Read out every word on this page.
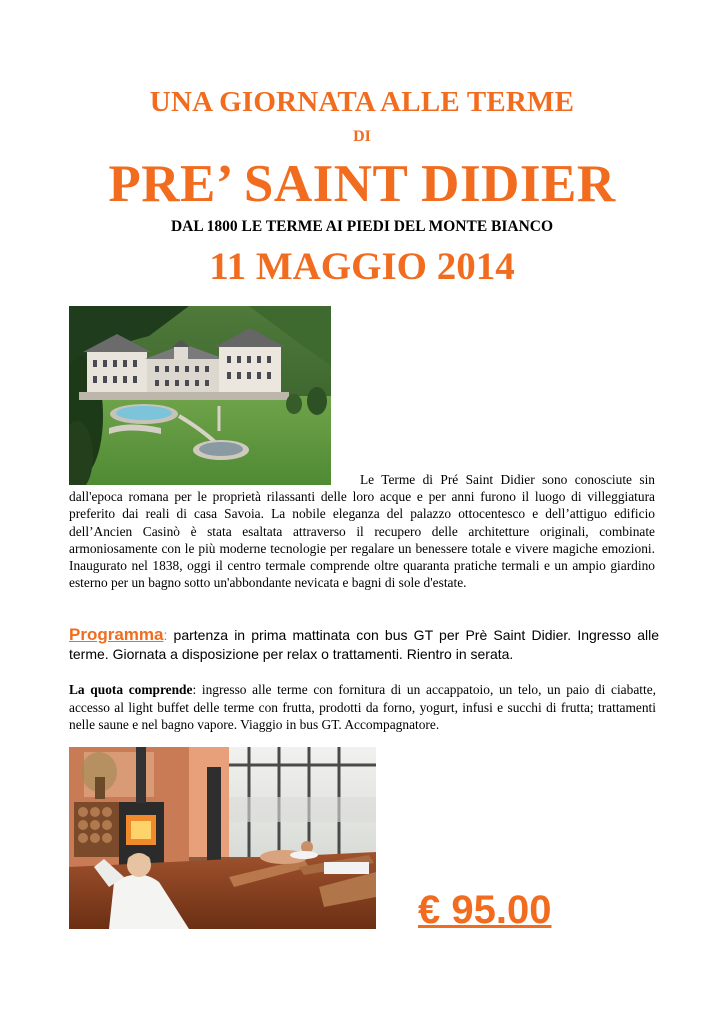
UNA GIORNATA ALLE TERME
DI
PRE’ SAINT DIDIER
DAL 1800 LE TERME AI PIEDI DEL MONTE BIANCO
11 MAGGIO 2014
Le Terme di Pré Saint Didier sono conosciute sin dall'epoca romana per le proprietà rilassanti delle loro acque e per anni furono il luogo di villeggiatura preferito dai reali di casa Savoia. La nobile eleganza del palazzo ottocentesco e dell’attiguo edificio dell’Ancien Casinò è stata esaltata attraverso il recupero delle architetture originali, combinate armoniosamente con le più moderne tecnologie per regalare un benessere totale e vivere magiche emozioni. Inaugurato nel 1838, oggi il centro termale comprende oltre quaranta pratiche termali e un ampio giardino esterno per un bagno sotto un'abbondante nevicata e bagni di sole d'estate.
Programma: partenza in prima mattinata con bus GT per Prè Saint Didier. Ingresso alle terme. Giornata a disposizione per relax o trattamenti. Rientro in serata.
La quota comprende: ingresso alle terme con fornitura di un accappatoio, un telo, un paio di ciabatte, accesso al light buffet delle terme con frutta, prodotti da forno, yogurt, infusi e succhi di frutta; trattamenti nelle saune e nel bagno vapore. Viaggio in bus GT. Accompagnatore.
€ 95.00
